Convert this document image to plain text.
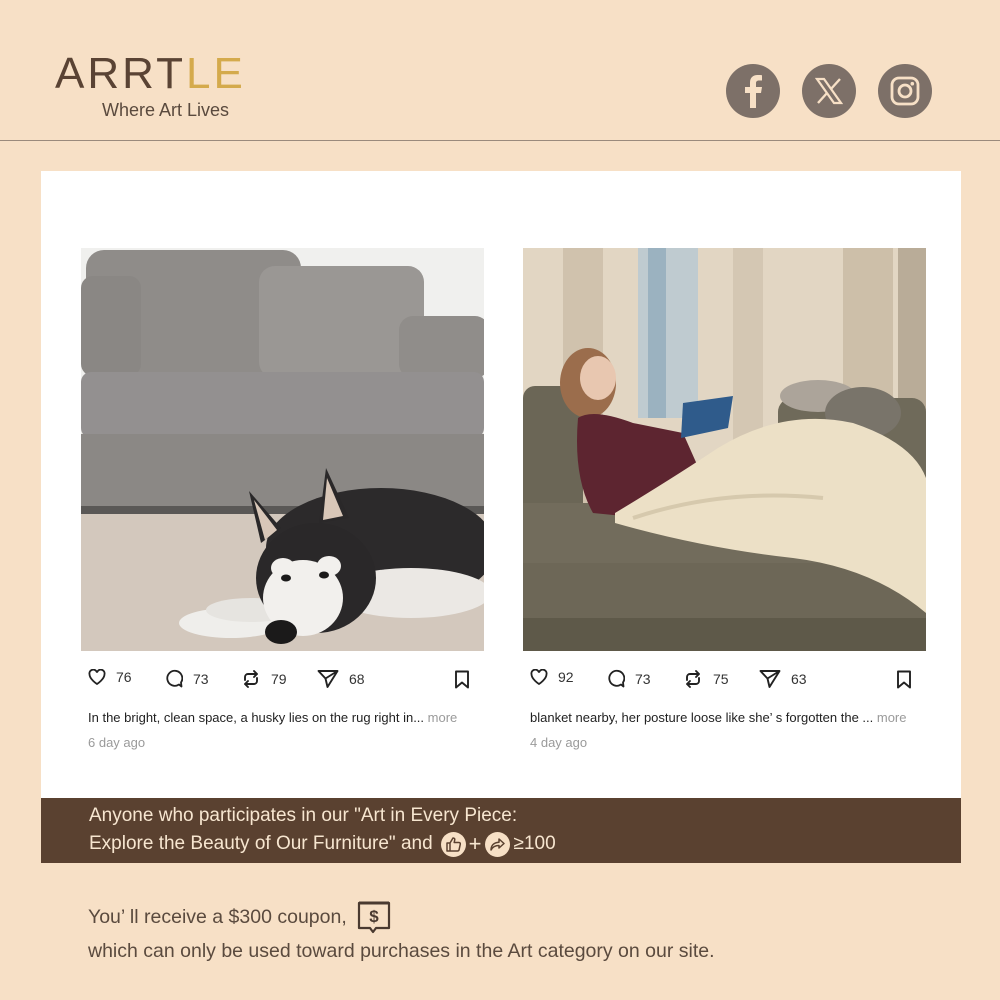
ARRTLE
Where Art Lives
76	73	79	68
In the bright, clean space, a husky lies on the rug right in... more
6 day ago
92	73	75	63
blanket nearby, her posture loose like she’ s forgotten the ... more
4 day ago
Anyone who participates in our "Art in Every Piece:
Explore the Beauty of Our Furniture" and + ≥100
You’ ll receive a $300 coupon, $
which can only be used toward purchases in the Art category on our site.
